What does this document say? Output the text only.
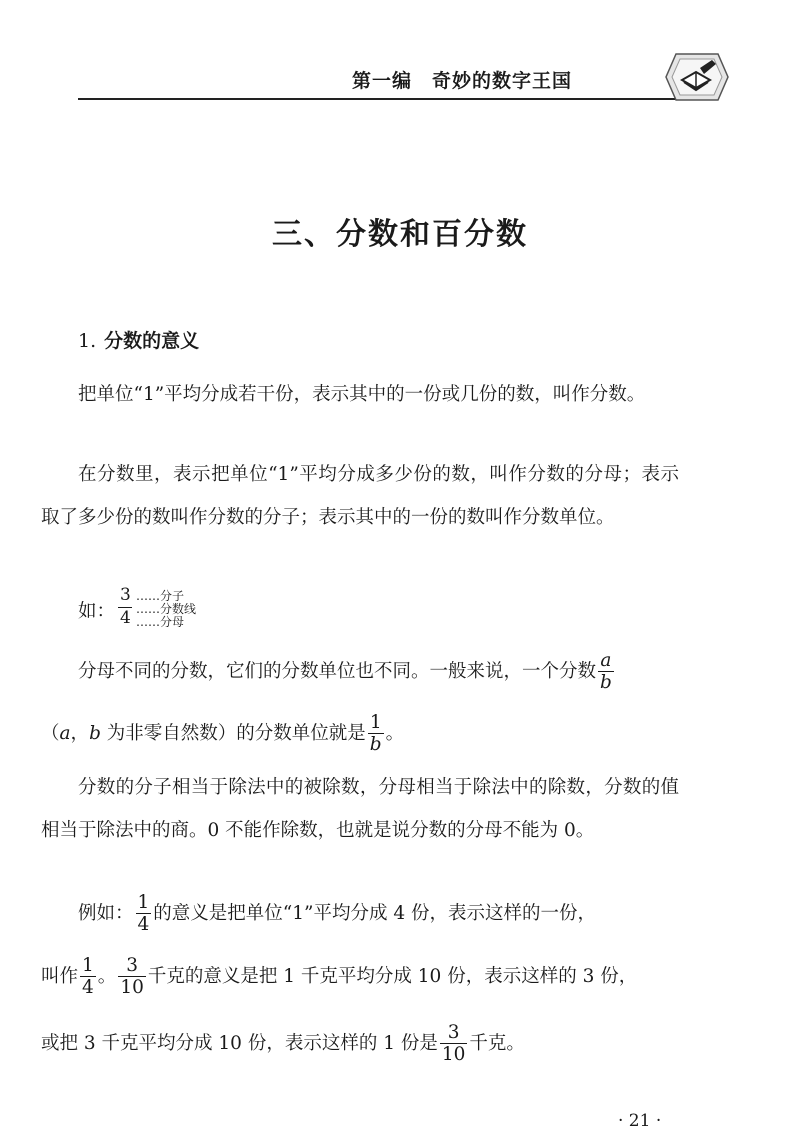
第一编　奇妙的数字王国
三、分数和百分数
1. 分数的意义
把单位“1”平均分成若干份，表示其中的一份或几份的数，叫作分数。
在分数里，表示把单位“1”平均分成多少份的数，叫作分数的分母；表示取了多少份的数叫作分数的分子；表示其中的一份的数叫作分数单位。
如：
3
4
……分子
……分数线
……分母
分母不同的分数，它们的分数单位也不同。一般来说，一个分数 $\frac{a}{b}$
（a，b 为非零自然数）的分数单位就是 $\frac{1}{b}$ 。
分数的分子相当于除法中的被除数，分母相当于除法中的除数，分数的值相当于除法中的商。0 不能作除数，也就是说分数的分母不能为 0。
例如： $\frac{1}{4}$ 的意义是把单位“1”平均分成 4 份，表示这样的一份，
叫作 $\frac{1}{4}$ 。 $\frac{3}{10}$ 千克的意义是把 1 千克平均分成 10 份，表示这样的 3 份，
或把 3 千克平均分成 10 份，表示这样的 1 份是 $\frac{3}{10}$ 千克。
· 21 ·
